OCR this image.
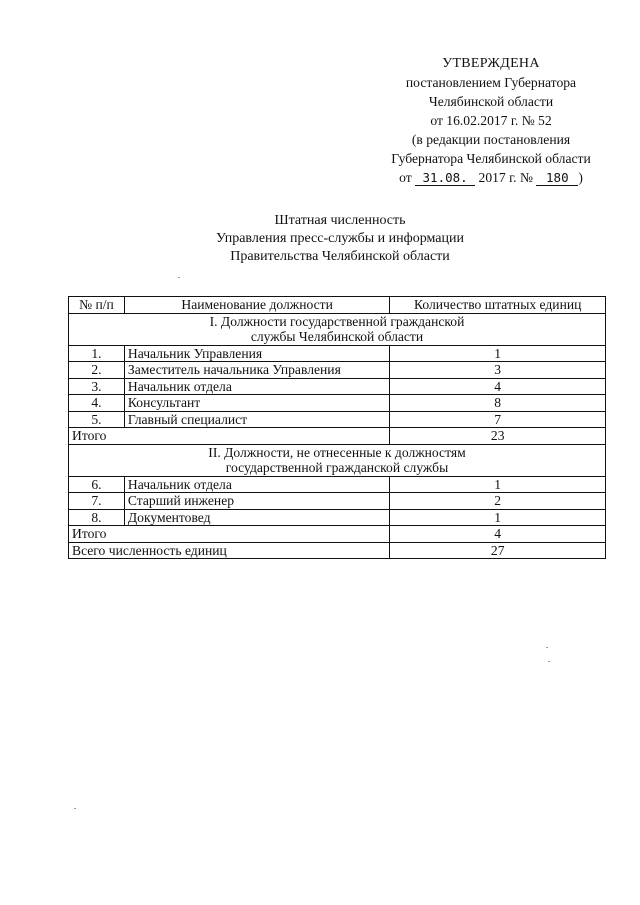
УТВЕРЖДЕНА
постановлением Губернатора
Челябинской области
от 16.02.2017 г. № 52
(в редакции постановления
Губернатора Челябинской области
от 31.08. 2017 г. № 180 )
Штатная численность
Управления пресс-службы и информации
Правительства Челябинской области
№ п/п	Наименование должности	Количество штатных единиц

I. Должности государственной гражданской
службы Челябинской области		

1.	Начальник Управления	1
2.	Заместитель начальника Управления	3
3.	Начальник отдела	4
4.	Консультант	8
5.	Главный специалист	7
Итого		23

II. Должности, не отнесенные к должностям
государственной гражданской службы		

6.	Начальник отдела	1
7.	Старший инженер	2
8.	Документовед	1
Итого		4
Всего численность единиц		27
